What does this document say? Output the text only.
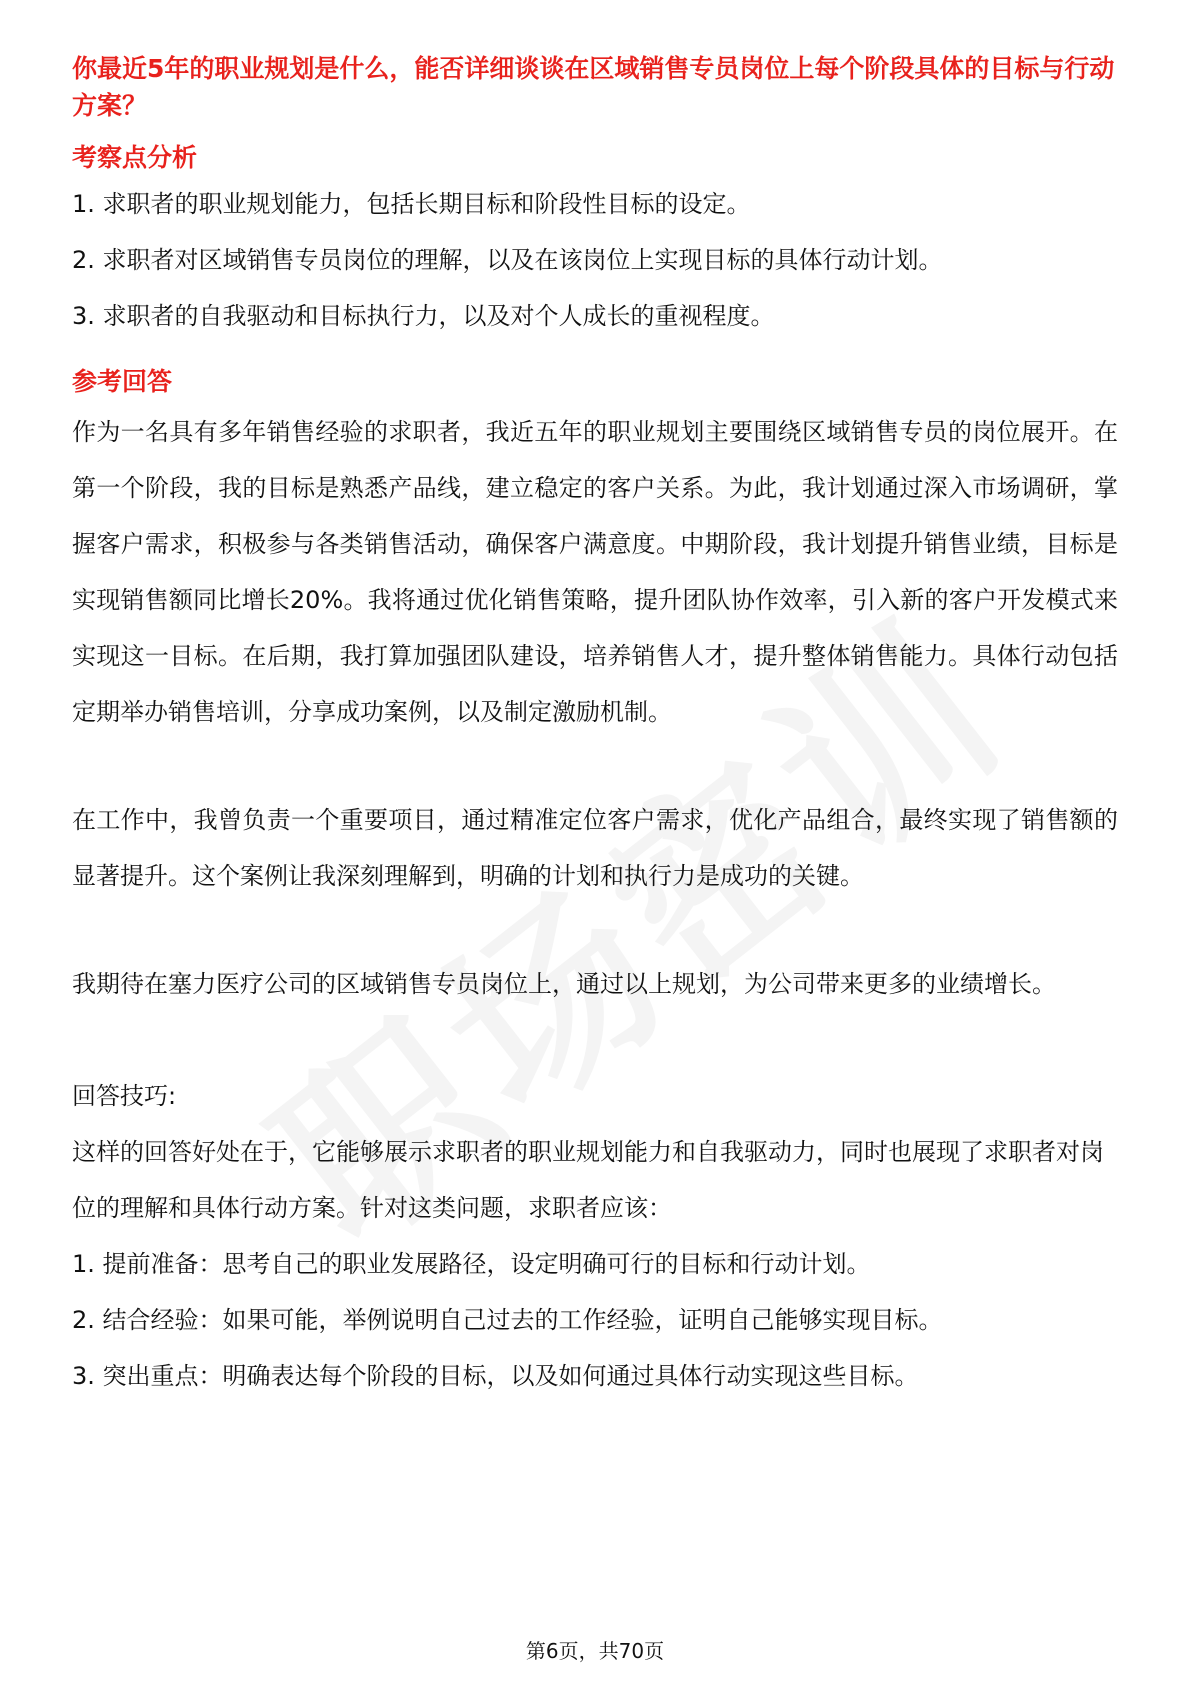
你最近5年的职业规划是什么，能否详细谈谈在区域销售专员岗位上每个阶段具体的目标与行动方案？

考察点分析

1. 求职者的职业规划能力，包括长期目标和阶段性目标的设定。

2. 求职者对区域销售专员岗位的理解，以及在该岗位上实现目标的具体行动计划。

3. 求职者的自我驱动和目标执行力，以及对个人成长的重视程度。

参考回答

作为一名具有多年销售经验的求职者，我近五年的职业规划主要围绕区域销售专员的岗位展开。在第一个阶段，我的目标是熟悉产品线，建立稳定的客户关系。为此，我计划通过深入市场调研，掌握客户需求，积极参与各类销售活动，确保客户满意度。中期阶段，我计划提升销售业绩，目标是实现销售额同比增长20%。我将通过优化销售策略，提升团队协作效率，引入新的客户开发模式来实现这一目标。在后期，我打算加强团队建设，培养销售人才，提升整体销售能力。具体行动包括定期举办销售培训，分享成功案例，以及制定激励机制。

在工作中，我曾负责一个重要项目，通过精准定位客户需求，优化产品组合，最终实现了销售额的显著提升。这个案例让我深刻理解到，明确的计划和执行力是成功的关键。

我期待在塞力医疗公司的区域销售专员岗位上，通过以上规划，为公司带来更多的业绩增长。

回答技巧:

这样的回答好处在于，它能够展示求职者的职业规划能力和自我驱动力，同时也展现了求职者对岗位的理解和具体行动方案。针对这类问题，求职者应该：

1. 提前准备：思考自己的职业发展路径，设定明确可行的目标和行动计划。

2. 结合经验：如果可能，举例说明自己过去的工作经验，证明自己能够实现目标。

3. 突出重点：明确表达每个阶段的目标，以及如何通过具体行动实现这些目标。

第6页，共70页
